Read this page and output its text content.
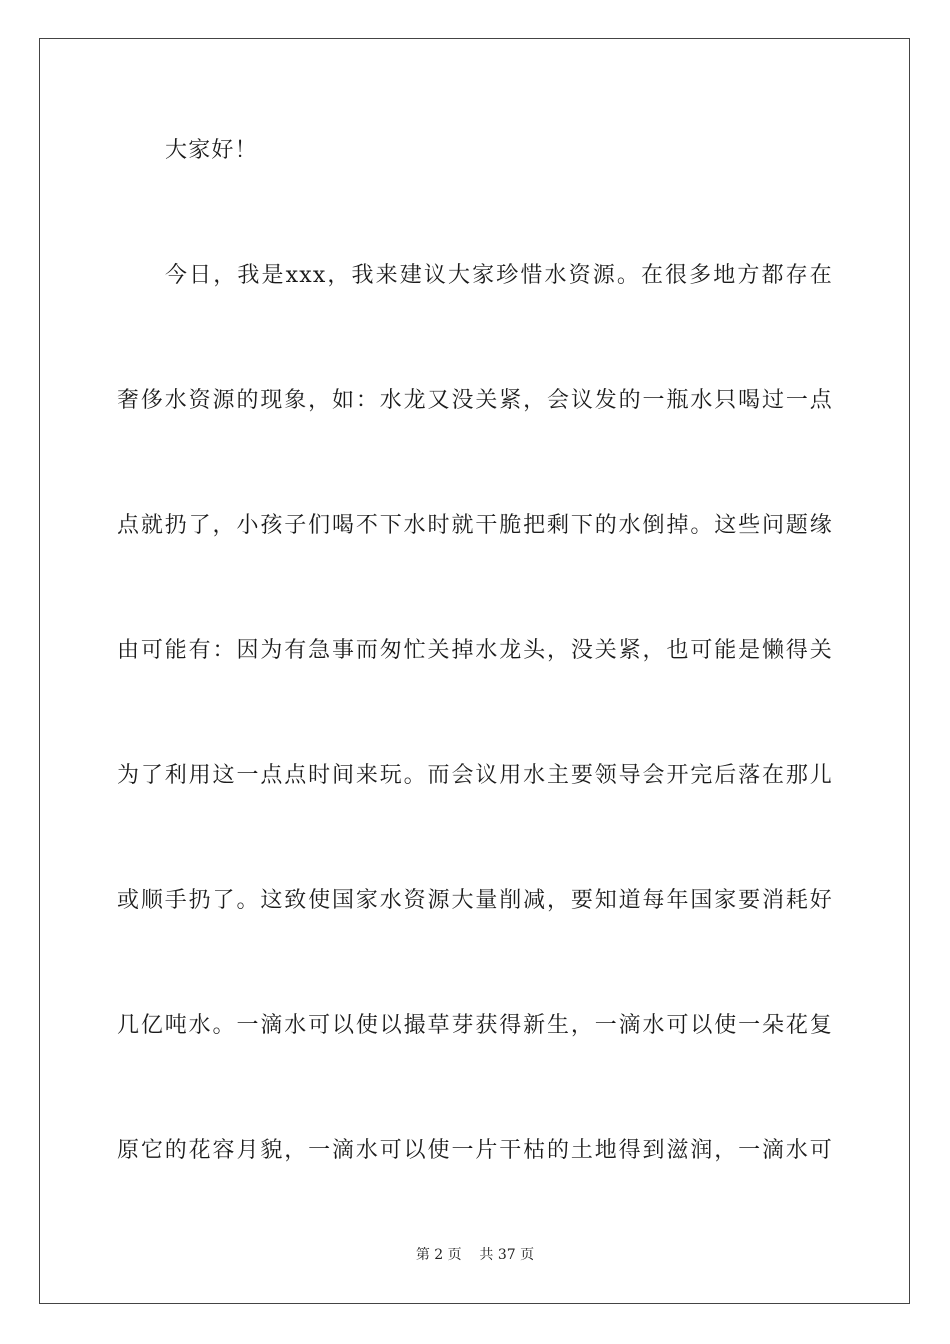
大家好！
今日，我是xxx，我来建议大家珍惜水资源。在很多地方都存在
奢侈水资源的现象，如：水龙又没关紧，会议发的一瓶水只喝过一点
点就扔了，小孩子们喝不下水时就干脆把剩下的水倒掉。这些问题缘
由可能有：因为有急事而匆忙关掉水龙头，没关紧，也可能是懒得关
为了利用这一点点时间来玩。而会议用水主要领导会开完后落在那儿
或顺手扔了。这致使国家水资源大量削减，要知道每年国家要消耗好
几亿吨水。一滴水可以使以撮草芽获得新生，一滴水可以使一朵花复
原它的花容月貌，一滴水可以使一片干枯的土地得到滋润，一滴水可
第 2 页    共 37 页
